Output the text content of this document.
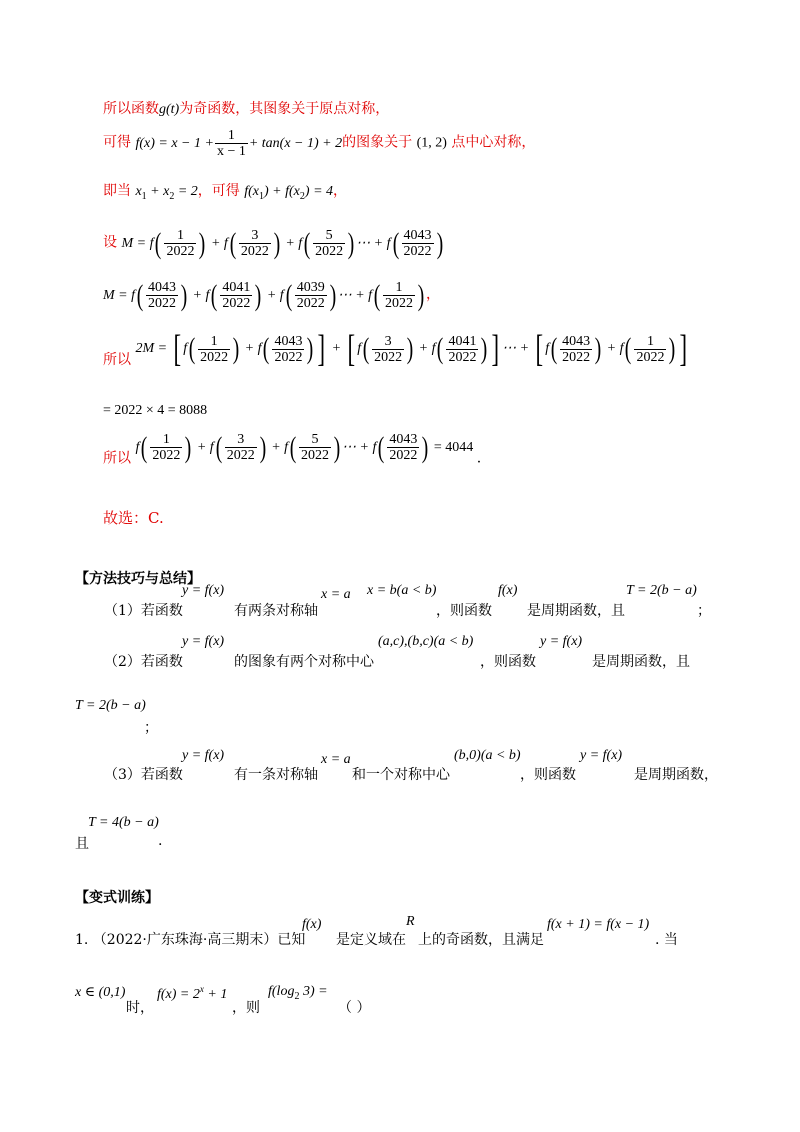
所以函数g(t)为奇函数，其图象关于原点对称，
可得 $f(x) = x - 1 + \frac{1}{x - 1} + \tan(x - 1) + 2$的图象关于 (1, 2) 点中心对称，
即当 $x_1 + x_2 = 2$，可得 $f(x_1) + f(x_2) = 4$，
设 $M = f( \frac{1}{2022}$ ) + $f( \frac{3}{2022}$ ) + $f( \frac{5}{2022}$ ) ⋯ + $f( \frac{4043}{2022}$ )
$M = f( \frac{4043}{2022}$ ) + $f( \frac{4041}{2022}$ ) + $f( \frac{4039}{2022}$ ) ⋯ + $f( \frac{1}{2022}$ ) ，
所以 2M = [ $f( \frac{1}{2022}$ ) + $f( \frac{4043}{2022}$ ) ] + [ $f( \frac{3}{2022}$ ) + $f( \frac{4041}{2022}$ ) ] ⋯ + [ $f( \frac{4043}{2022}$ ) + $f( \frac{1}{2022}$ ) ]
= 2022 × 4 = 8088
所以 $f( \frac{1}{2022}$ ) + $f( \frac{3}{2022}$ ) + $f( \frac{5}{2022}$ ) ⋯ + $f( \frac{4043}{2022}$ ) = 4044 .
故选：C.
【方法技巧与总结】
（1）若函数
y = f(x)
有两条对称轴
x = a x = b(a < b)
，则函数
f(x)
是周期函数，且
T = 2(b − a)
；
（2）若函数
y = f(x)
的图象有两个对称中心
(a,c),(b,c)(a < b)
，则函数
y = f(x)
是周期函数，且
T = 2(b − a)
；
（3）若函数
y = f(x)
有一条对称轴
x = a
和一个对称中心
(b,0)(a < b)
，则函数
y = f(x)
是周期函数，
T = 4(b − a)
且	.
【变式训练】
1. （2022·广东珠海·高三期末）已知
f(x)
是定义域在
R
上的奇函数，且满足
f(x + 1) = f(x − 1)
. 当
x ∈ (0,1)
时，
$f(x) = 2^x + 1$
，则
$f(\log_2$ 3) =
（ ）
